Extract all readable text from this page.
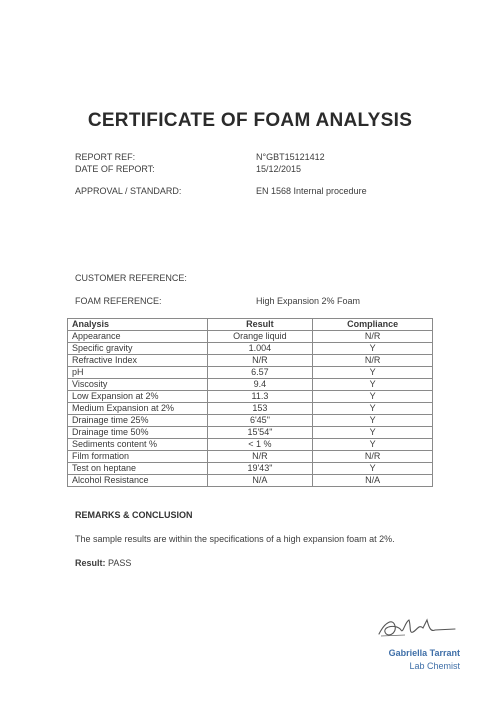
CERTIFICATE OF FOAM ANALYSIS
REPORT REF:	N°GBT15121412
DATE OF REPORT:	15/12/2015
APPROVAL / STANDARD:	EN 1568 Internal procedure
CUSTOMER REFERENCE:
FOAM REFERENCE:	High Expansion 2% Foam
Analysis	Result	Compliance
Appearance	Orange liquid	N/R
Specific gravity	1.004	Y
Refractive Index	N/R	N/R
pH	6.57	Y
Viscosity	9.4	Y
Low Expansion at 2%	11.3	Y
Medium Expansion at 2%	153	Y
Drainage time 25%	6'45"	Y
Drainage time 50%	15'54"	Y
Sediments content %	< 1 %	Y
Film formation	N/R	N/R
Test on heptane	19'43"	Y
Alcohol Resistance	N/A	N/A
REMARKS & CONCLUSION
The sample results are within the specifications of a high expansion foam at 2%.
Result: PASS
Gabriella Tarrant
Lab Chemist
